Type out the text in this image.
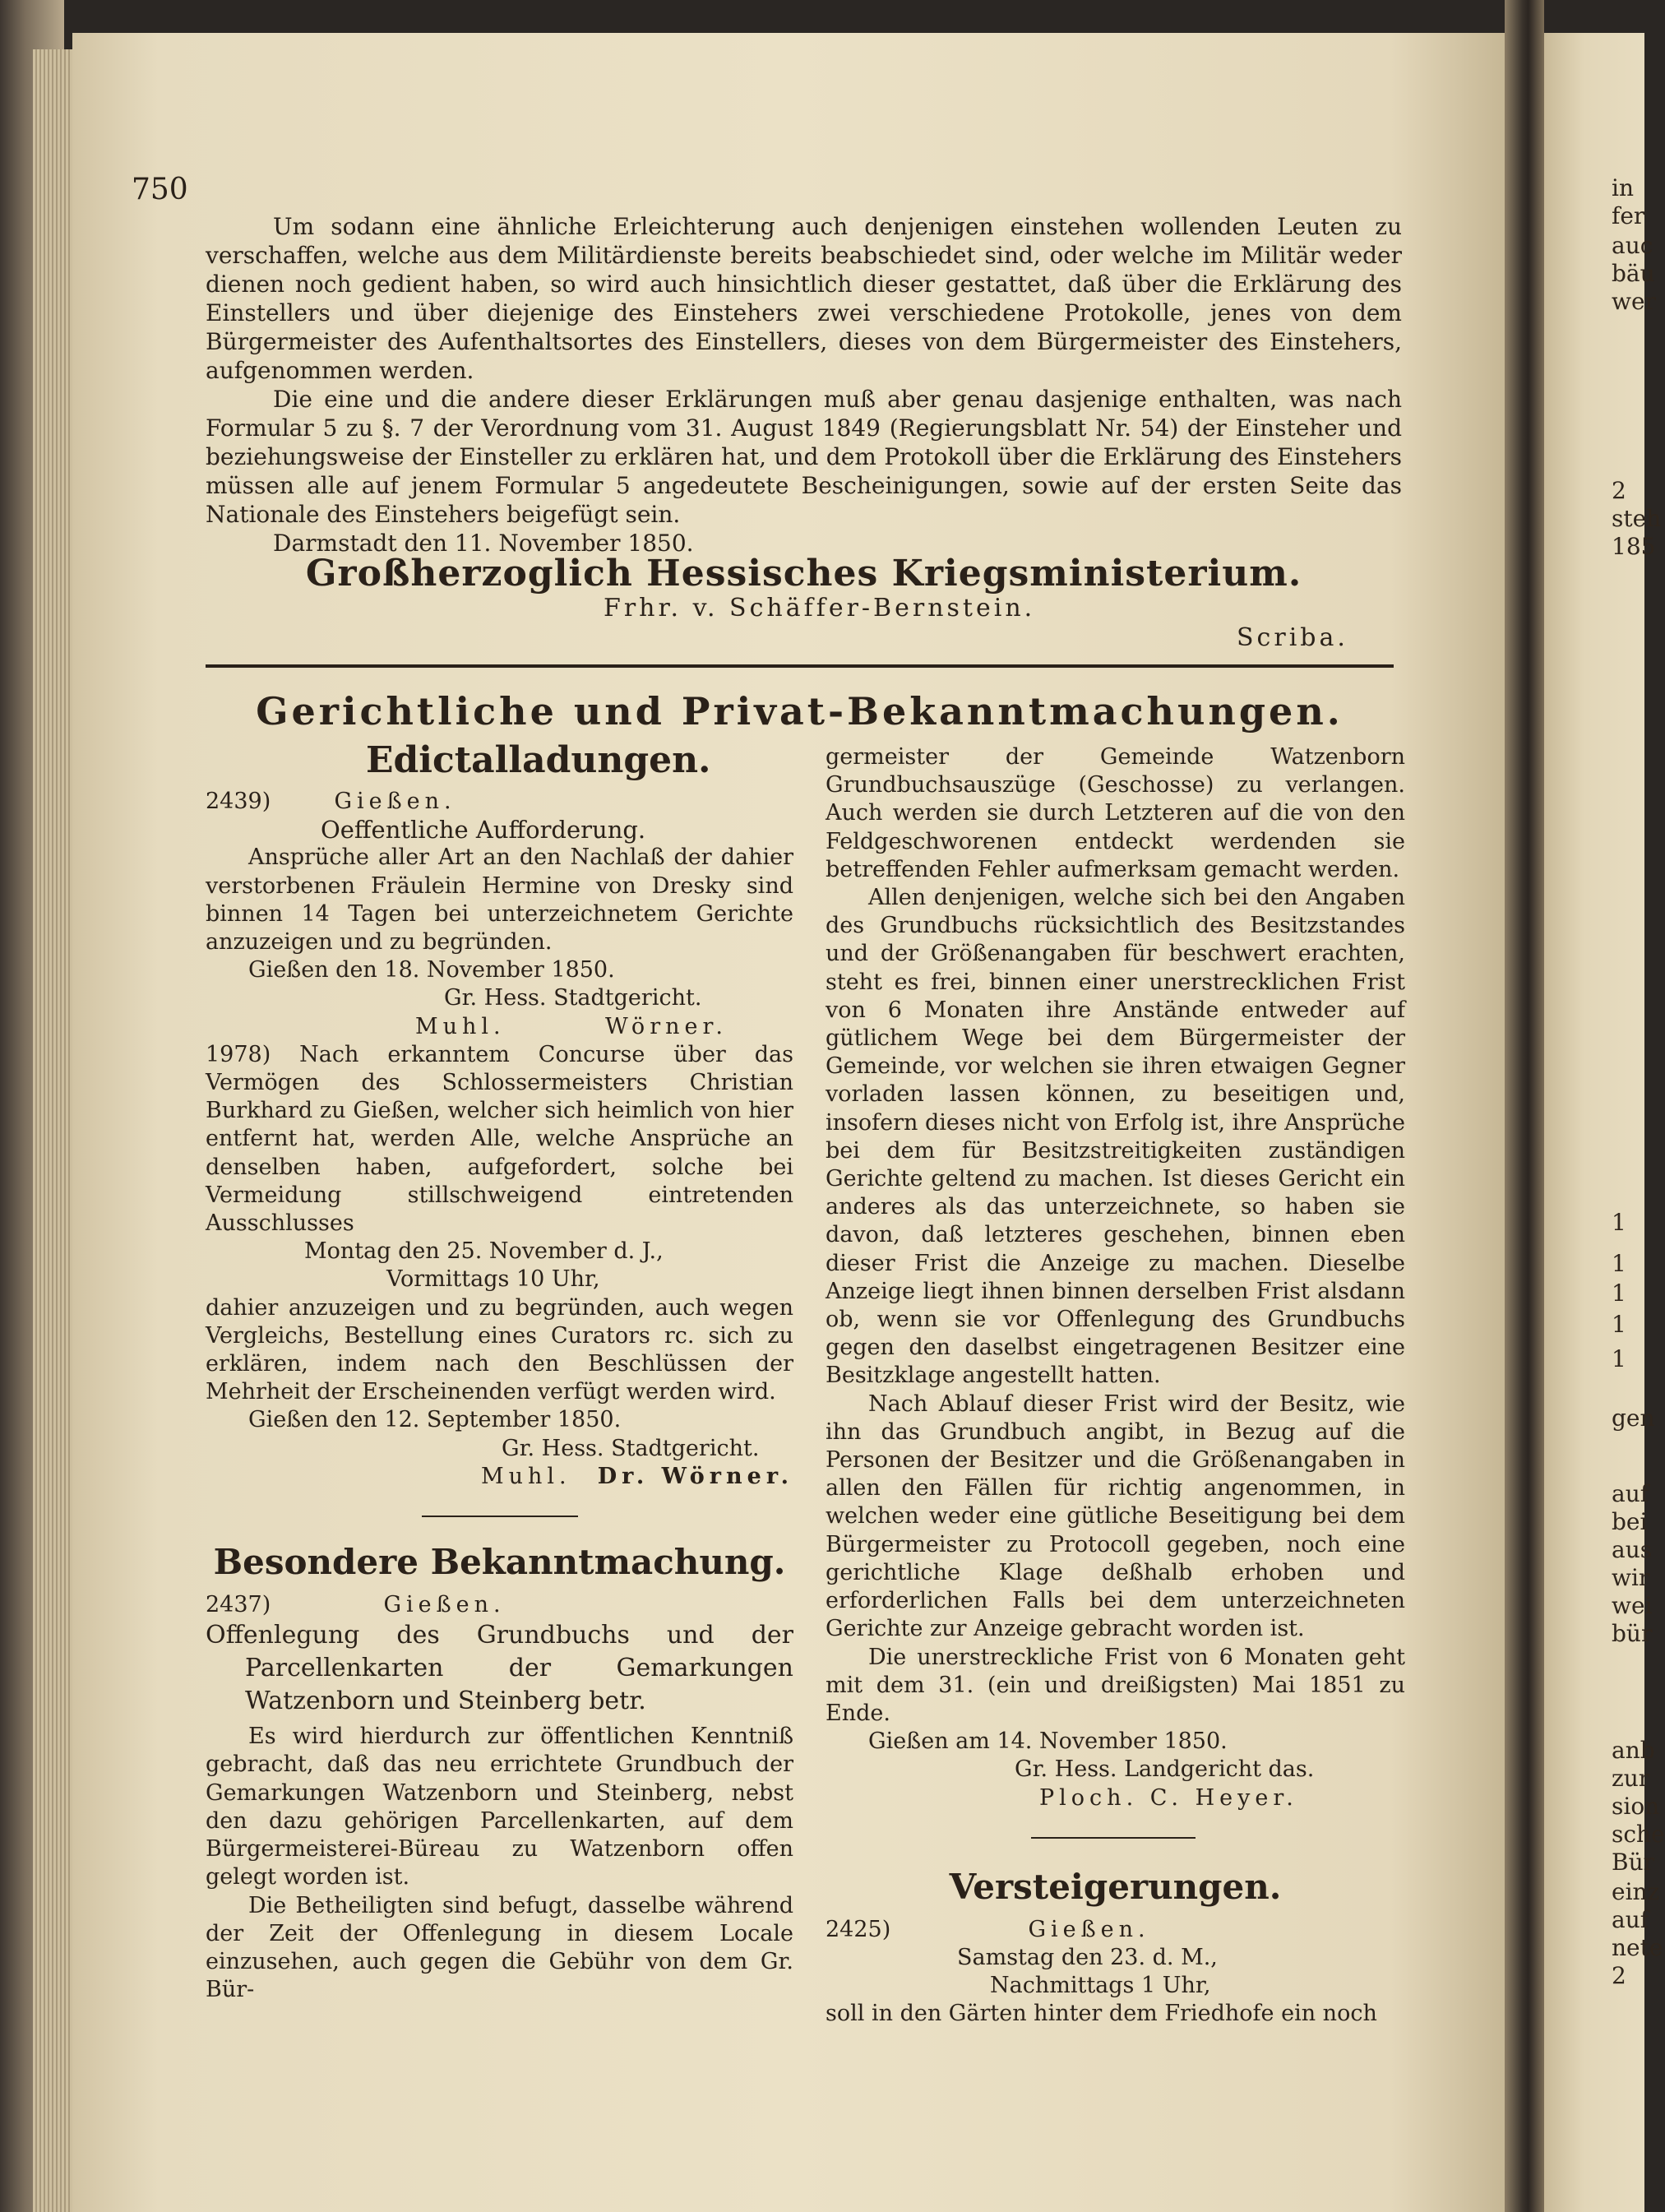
in
fer
auc
bäu
wer
2
steh
185
1
1
1
1
1
gen
auf
bei
aus
wir
wei
bür
anb
zur
sion
sche
Bür
einz
auf
nete
2
750

Um sodann eine ähnliche Erleichterung auch denjenigen einstehen wollenden Leuten zu verschaffen, welche aus dem Militärdienste bereits beabschiedet sind, oder welche im Militär weder dienen noch gedient haben, so wird auch hinsichtlich dieser gestattet, daß über die Erklärung des Einstellers und über diejenige des Einstehers zwei verschiedene Protokolle, jenes von dem Bürgermeister des Aufenthaltsortes des Einstellers, dieses von dem Bürgermeister des Einstehers, aufgenommen werden.

Die eine und die andere dieser Erklärungen muß aber genau dasjenige enthalten, was nach Formular 5 zu §. 7 der Verordnung vom 31. August 1849 (Regierungsblatt Nr. 54) der Einsteher und beziehungsweise der Einsteller zu erklären hat, und dem Protokoll über die Erklärung des Einstehers müssen alle auf jenem Formular 5 angedeutete Bescheinigungen, sowie auf der ersten Seite das Nationale des Einstehers beigefügt sein.

Darmstadt den 11. November 1850.

Großherzoglich Hessisches Kriegsministerium.
Frhr. v. Schäffer-Bernstein.
Scriba.
Gerichtliche und Privat-Bekanntmachungen.

Edictalladungen.

2439)	Gießen.

Oeffentliche Aufforderung.

Ansprüche aller Art an den Nachlaß der dahier verstorbenen Fräulein Hermine von Dresky sind binnen 14 Tagen bei unterzeichnetem Gerichte anzuzeigen und zu begründen.

Gießen den 18. November 1850.

Gr. Hess. Stadtgericht.

Muhl.	Wörner.

1978) Nach erkanntem Concurse über das Vermögen des Schlossermeisters Christian Burkhard zu Gießen, welcher sich heimlich von hier entfernt hat, werden Alle, welche Ansprüche an denselben haben, aufgefordert, solche bei Vermeidung stillschweigend eintretenden Ausschlusses

Montag den 25. November d. J.,

Vormittags 10 Uhr,

dahier anzuzeigen und zu begründen, auch wegen Vergleichs, Bestellung eines Curators rc. sich zu erklären, indem nach den Beschlüssen der Mehrheit der Erscheinenden verfügt werden wird.

Gießen den 12. September 1850.

Gr. Hess. Stadtgericht.

Muhl. Dr. Wörner.

Besondere Bekanntmachung.

2437)	Gießen.

Offenlegung des Grundbuchs und der Parcellenkarten der Gemarkungen Watzenborn und Steinberg betr.

Es wird hierdurch zur öffentlichen Kenntniß gebracht, daß das neu errichtete Grundbuch der Gemarkungen Watzenborn und Steinberg, nebst den dazu gehörigen Parcellenkarten, auf dem Bürgermeisterei-Büreau zu Watzenborn offen gelegt worden ist.

Die Betheiligten sind befugt, dasselbe während der Zeit der Offenlegung in diesem Locale einzusehen, auch gegen die Gebühr von dem Gr. Bür-

germeister der Gemeinde Watzenborn Grundbuchsauszüge (Geschosse) zu verlangen. Auch werden sie durch Letzteren auf die von den Feldgeschworenen entdeckt werdenden sie betreffenden Fehler aufmerksam gemacht werden.

Allen denjenigen, welche sich bei den Angaben des Grundbuchs rücksichtlich des Besitzstandes und der Größenangaben für beschwert erachten, steht es frei, binnen einer unerstrecklichen Frist von 6 Monaten ihre Anstände entweder auf gütlichem Wege bei dem Bürgermeister der Gemeinde, vor welchen sie ihren etwaigen Gegner vorladen lassen können, zu beseitigen und, insofern dieses nicht von Erfolg ist, ihre Ansprüche bei dem für Besitzstreitigkeiten zuständigen Gerichte geltend zu machen. Ist dieses Gericht ein anderes als das unterzeichnete, so haben sie davon, daß letzteres geschehen, binnen eben dieser Frist die Anzeige zu machen. Dieselbe Anzeige liegt ihnen binnen derselben Frist alsdann ob, wenn sie vor Offenlegung des Grundbuchs gegen den daselbst eingetragenen Besitzer eine Besitzklage angestellt hatten.

Nach Ablauf dieser Frist wird der Besitz, wie ihn das Grundbuch angibt, in Bezug auf die Personen der Besitzer und die Größenangaben in allen den Fällen für richtig angenommen, in welchen weder eine gütliche Beseitigung bei dem Bürgermeister zu Protocoll gegeben, noch eine gerichtliche Klage deßhalb erhoben und erforderlichen Falls bei dem unterzeichneten Gerichte zur Anzeige gebracht worden ist.

Die unerstreckliche Frist von 6 Monaten geht mit dem 31. (ein und dreißigsten) Mai 1851 zu Ende.

Gießen am 14. November 1850.

Gr. Hess. Landgericht das.

Ploch. C. Heyer.

Versteigerungen.

2425)	Gießen.

Samstag den 23. d. M.,

Nachmittags 1 Uhr,

soll in den Gärten hinter dem Friedhofe ein noch
